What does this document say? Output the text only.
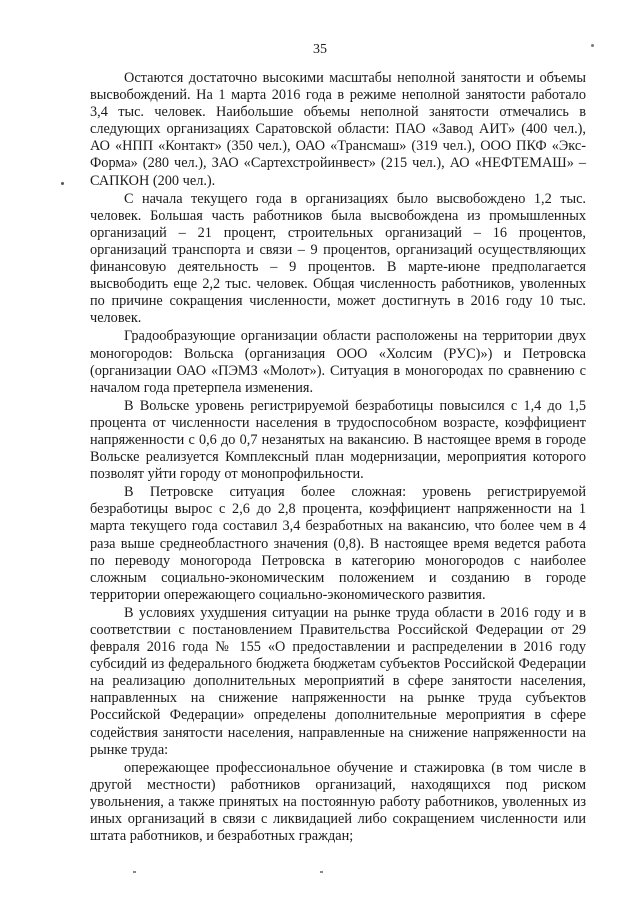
35

Остаются достаточно высокими масштабы неполной занятости и объемы высвобождений. На 1 марта 2016 года в режиме неполной занятости работало 3,4 тыс. человек. Наибольшие объемы неполной занятости отмечались в следующих организациях Саратовской области: ПАО «Завод АИТ» (400 чел.), АО «НПП «Контакт» (350 чел.), ОАО «Трансмаш» (319 чел.), ООО ПКФ «Экс-Форма» (280 чел.), ЗАО «Сартехстройинвест» (215 чел.), АО «НЕФТЕМАШ» – САПКОН (200 чел.).

С начала текущего года в организациях было высвобождено 1,2 тыс. человек. Большая часть работников была высвобождена из промышленных организаций – 21 процент, строительных организаций – 16 процентов, организаций транспорта и связи – 9 процентов, организаций осуществляющих финансовую деятельность – 9 процентов. В марте-июне предполагается высвободить еще 2,2 тыс. человек. Общая численность работников, уволенных по причине сокращения численности, может достигнуть в 2016 году 10 тыс. человек.

Градообразующие организации области расположены на территории двух моногородов: Вольска (организация ООО «Холсим (РУС)») и Петровска (организации ОАО «ПЭМЗ «Молот»). Ситуация в моногородах по сравнению с началом года претерпела изменения.

В Вольске уровень регистрируемой безработицы повысился с 1,4 до 1,5 процента от численности населения в трудоспособном возрасте, коэффициент напряженности с 0,6 до 0,7 незанятых на вакансию. В настоящее время в городе Вольске реализуется Комплексный план модернизации, мероприятия которого позволят уйти городу от монопрофильности.

В Петровске ситуация более сложная: уровень регистрируемой безработицы вырос с 2,6 до 2,8 процента, коэффициент напряженности на 1 марта текущего года составил 3,4 безработных на вакансию, что более чем в 4 раза выше среднеобластного значения (0,8). В настоящее время ведется работа по переводу моногорода Петровска в категорию моногородов с наиболее сложным социально-экономическим положением и созданию в городе территории опережающего социально-экономического развития.

В условиях ухудшения ситуации на рынке труда области в 2016 году и в соответствии с постановлением Правительства Российской Федерации от 29 февраля 2016 года № 155 «О предоставлении и распределении в 2016 году субсидий из федерального бюджета бюджетам субъектов Российской Федерации на реализацию дополнительных мероприятий в сфере занятости населения, направленных на снижение напряженности на рынке труда субъектов Российской Федерации» определены дополнительные мероприятия в сфере содействия занятости населения, направленные на снижение напряженности на рынке труда:

опережающее профессиональное обучение и стажировка (в том числе в другой местности) работников организаций, находящихся под риском увольнения, а также принятых на постоянную работу работников, уволенных из иных организаций в связи с ликвидацией либо сокращением численности или штата работников, и безработных граждан;
